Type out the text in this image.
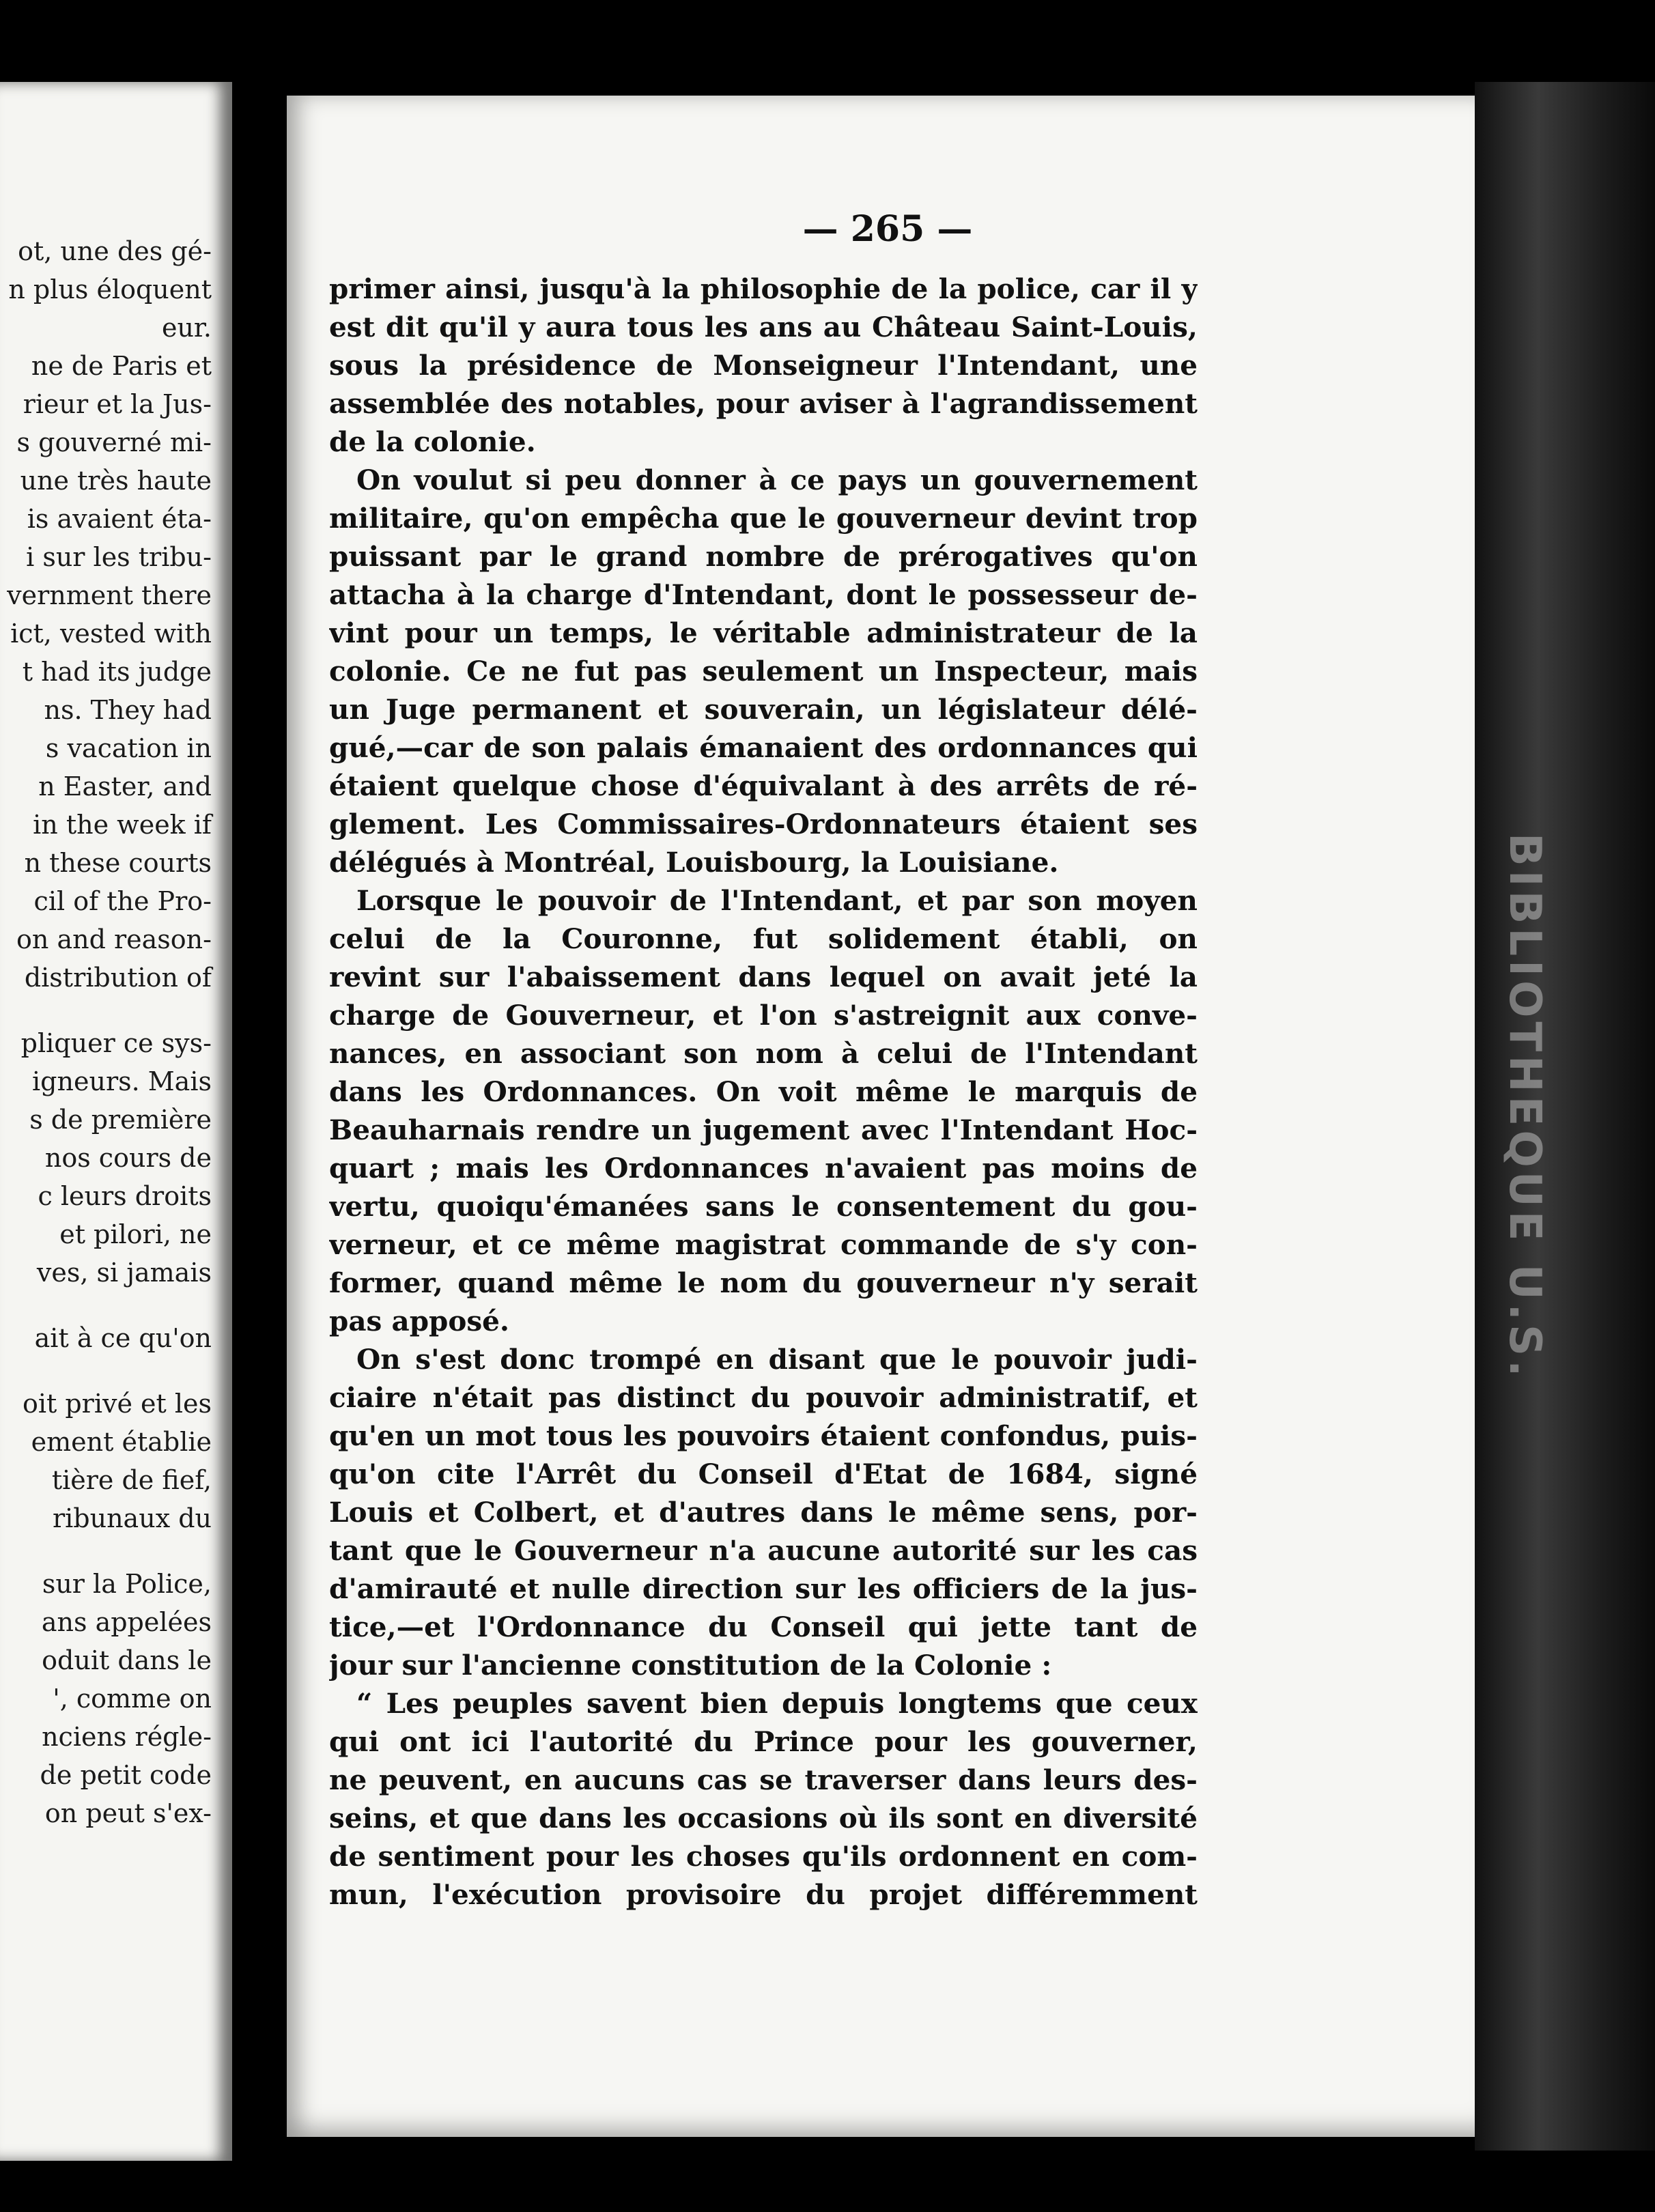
ot, une des gé-
n plus éloquent
eur.
ne de Paris et
rieur et la Jus-
s gouverné mi-
une très haute
is avaient éta-
i sur les tribu-
vernment there
ict, vested with
t had its judge
ns. They had
s vacation in
n Easter, and
in the week if
n these courts
cil of the Pro-
on and reason-
distribution of
pliquer ce sys-
igneurs. Mais
s de première
nos cours de
c leurs droits
et pilori, ne
ves, si jamais
ait à ce qu'on
oit privé et les
ement établie
tière de fief,
ribunaux du
sur la Police,
ans appelées
oduit dans le
', comme on
nciens régle-
de petit code
on peut s'ex-
— 265 —
primer ainsi, jusqu'à la philosophie de la police, car il y
est dit qu'il y aura tous les ans au Château Saint-Louis,
sous la présidence de Monseigneur l'Intendant, une
assemblée des notables, pour aviser à l'agrandissement
de la colonie.
On voulut si peu donner à ce pays un gouvernement
militaire, qu'on empêcha que le gouverneur devint trop
puissant par le grand nombre de prérogatives qu'on
attacha à la charge d'Intendant, dont le possesseur de-
vint pour un temps, le véritable administrateur de la
colonie. Ce ne fut pas seulement un Inspecteur, mais
un Juge permanent et souverain, un législateur délé-
gué,—car de son palais émanaient des ordonnances qui
étaient quelque chose d'équivalant à des arrêts de ré-
glement. Les Commissaires-Ordonnateurs étaient ses
délégués à Montréal, Louisbourg, la Louisiane.
Lorsque le pouvoir de l'Intendant, et par son moyen
celui de la Couronne, fut solidement établi, on
revint sur l'abaissement dans lequel on avait jeté la
charge de Gouverneur, et l'on s'astreignit aux conve-
nances, en associant son nom à celui de l'Intendant
dans les Ordonnances. On voit même le marquis de
Beauharnais rendre un jugement avec l'Intendant Hoc-
quart ; mais les Ordonnances n'avaient pas moins de
vertu, quoiqu'émanées sans le consentement du gou-
verneur, et ce même magistrat commande de s'y con-
former, quand même le nom du gouverneur n'y serait
pas apposé.
On s'est donc trompé en disant que le pouvoir judi-
ciaire n'était pas distinct du pouvoir administratif, et
qu'en un mot tous les pouvoirs étaient confondus, puis-
qu'on cite l'Arrêt du Conseil d'Etat de 1684, signé
Louis et Colbert, et d'autres dans le même sens, por-
tant que le Gouverneur n'a aucune autorité sur les cas
d'amirauté et nulle direction sur les officiers de la jus-
tice,—et l'Ordonnance du Conseil qui jette tant de
jour sur l'ancienne constitution de la Colonie :
“ Les peuples savent bien depuis longtems que ceux
qui ont ici l'autorité du Prince pour les gouverner,
ne peuvent, en aucuns cas se traverser dans leurs des-
seins, et que dans les occasions où ils sont en diversité
de sentiment pour les choses qu'ils ordonnent en com-
mun, l'exécution provisoire du projet différemment
BIBLIOTHEQUE U.S.
